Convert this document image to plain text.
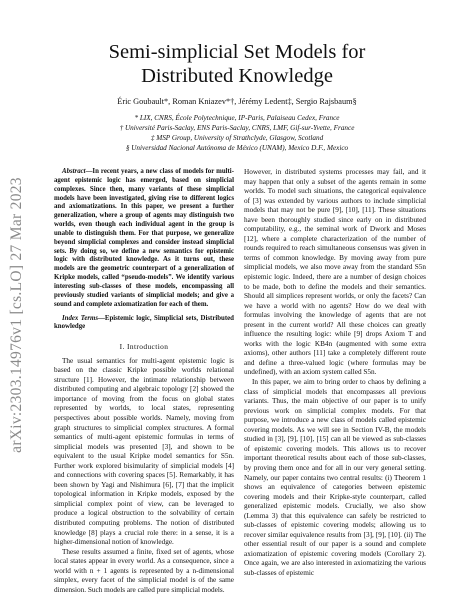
arXiv:2303.14976v1 [cs.LO] 27 Mar 2023
Semi-simplicial Set Models for Distributed Knowledge
Éric Goubault*, Roman Kniazev*†, Jérémy Ledent‡, Sergio Rajsbaum§
* LIX, CNRS, École Polytechnique, IP-Paris, Palaiseau Cedex, France
† Université Paris-Saclay, ENS Paris-Saclay, CNRS, LMF, Gif-sur-Yvette, France
‡ MSP Group, University of Strathclyde, Glasgow, Scotland
§ Universidad Nacional Autónoma de México (UNAM), Mexico D.F., Mexico

Abstract—In recent years, a new class of models for multi-agent epistemic logic has emerged, based on simplicial complexes. Since then, many variants of these simplicial models have been investigated, giving rise to different logics and axiomatizations. In this paper, we present a further generalization, where a group of agents may distinguish two worlds, even though each individual agent in the group is unable to distinguish them. For that purpose, we generalize beyond simplicial complexes and consider instead simplicial sets. By doing so, we define a new semantics for epistemic logic with distributed knowledge. As it turns out, these models are the geometric counterpart of a generalization of Kripke models, called “pseudo-models”. We identify various interesting sub-classes of these models, encompassing all previously studied variants of simplicial models; and give a sound and complete axiomatization for each of them.

Index Terms—Epistemic logic, Simplicial sets, Distributed knowledge

I. Introduction

The usual semantics for multi-agent epistemic logic is based on the classic Kripke possible worlds relational structure [1]. However, the intimate relationship between distributed computing and algebraic topology [2] showed the importance of moving from the focus on global states represented by worlds, to local states, representing perspectives about possible worlds. Namely, moving from graph structures to simplicial complex structures. A formal semantics of multi-agent epistemic formulas in terms of simplicial models was presented [3], and shown to be equivalent to the usual Kripke model semantics for S5n. Further work explored bisimularity of simplicial models [4] and connections with covering spaces [5]. Remarkably, it has been shown by Yagi and Nishimura [6], [7] that the implicit topological information in Kripke models, exposed by the simplicial complex point of view, can be leveraged to produce a logical obstruction to the solvability of certain distributed computing problems. The notion of distributed knowledge [8] plays a crucial role there: in a sense, it is a higher-dimensional notion of knowledge.

These results assumed a finite, fixed set of agents, whose local states appear in every world. As a consequence, since a world with n + 1 agents is represented by a n-dimensional simplex, every facet of the simplicial model is of the same dimension. Such models are called pure simplicial models.

However, in distributed systems processes may fail, and it may happen that only a subset of the agents remain in some worlds. To model such situations, the categorical equivalence of [3] was extended by various authors to include simplicial models that may not be pure [9], [10], [11]. These situations have been thoroughly studied since early on in distributed computability, e.g., the seminal work of Dwork and Moses [12], where a complete characterization of the number of rounds required to reach simultaneous consensus was given in terms of common knowledge. By moving away from pure simplicial models, we also move away from the standard S5n epistemic logic. Indeed, there are a number of design choices to be made, both to define the models and their semantics. Should all simplices represent worlds, or only the facets? Can we have a world with no agents? How do we deal with formulas involving the knowledge of agents that are not present in the current world? All these choices can greatly influence the resulting logic: while [9] drops Axiom T and works with the logic KB4n (augmented with some extra axioms), other authors [11] take a completely different route and define a three-valued logic (where formulas may be undefined), with an axiom system called S5n.

In this paper, we aim to bring order to chaos by defining a class of simplicial models that encompasses all previous variants. Thus, the main objective of our paper is to unify previous work on simplicial complex models. For that purpose, we introduce a new class of models called epistemic covering models. As we will see in Section IV-B, the models studied in [3], [9], [10], [15] can all be viewed as sub-classes of epistemic covering models. This allows us to recover important theoretical results about each of those sub-classes, by proving them once and for all in our very general setting. Namely, our paper contains two central results: (i) Theorem 1 shows an equivalence of categories between epistemic covering models and their Kripke-style counterpart, called generalized epistemic models. Crucially, we also show (Lemma 3) that this equivalence can safely be restricted to sub-classes of epistemic covering models; allowing us to recover similar equivalence results from [3], [9], [10]. (ii) The other essential result of our paper is a sound and complete axiomatization of epistemic covering models (Corollary 2). Once again, we are also interested in axiomatizing the various sub-classes of epistemic
